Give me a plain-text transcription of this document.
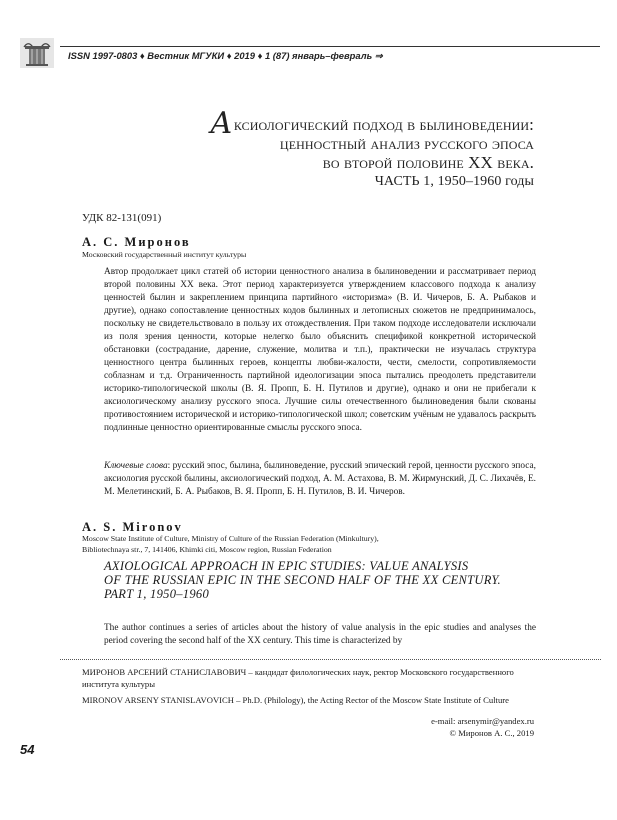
ISSN 1997-0803 ♦ Вестник МГУКИ ♦ 2019 ♦ 1 (87) январь–февраль ⇒
Аксиологический подход в былиноведении:
ценностный анализ русского эпоса
во второй половине XX века.
ЧАСТЬ 1, 1950–1960 годы
УДК 82-131(091)
А. С. Миронов
Московский государственный институт культуры
Автор продолжает цикл статей об истории ценностного анализа в былиноведении и рассматривает период второй половины XX века. Этот период характеризуется утверждением классового подхода к анализу ценностей былин и закреплением принципа партийного «историзма» (В. И. Чичеров, Б. А. Рыбаков и другие), однако сопоставление ценностных кодов былинных и летописных сюжетов не предпринималось, поскольку не свидетельствовало в пользу их отождествления. При таком подходе исследователи исключали из поля зрения ценности, которые нелегко было объяснить спецификой конкретной исторической обстановки (сострадание, дарение, служение, молитва и т.п.), практически не изучалась структура ценностного центра былинных героев, концепты любви-жалости, чести, смелости, сопротивляемости соблазнам и т.д. Ограниченность партийной идеологизации эпоса пытались преодолеть представители историко-типологической школы (В. Я. Пропп, Б. Н. Путилов и другие), однако и они не прибегали к аксиологическому анализу русского эпоса. Лучшие силы отечественного былиноведения были скованы противостоянием исторической и историко-типологической школ; советским учёным не удавалось раскрыть подлинные ценностно ориентированные смыслы русского эпоса.
Ключевые слова: русский эпос, былина, былиноведение, русский эпический герой, ценности русского эпоса, аксиология русской былины, аксиологический подход, А. М. Астахова, В. М. Жирмунский, Д. С. Лихачёв, Е. М. Мелетинский, Б. А. Рыбаков, В. Я. Пропп, Б. Н. Путилов, В. И. Чичеров.
A. S. Mironov
Moscow State Institute of Culture, Ministry of Culture of the Russian Federation (Minkultury),
Bibliotechnaya str., 7, 141406, Khimki citi, Moscow region, Russian Federation
AXIOLOGICAL APPROACH IN EPIC STUDIES: VALUE ANALYSIS
OF THE RUSSIAN EPIC IN THE SECOND HALF OF THE XX CENTURY.
PART 1, 1950–1960
The author continues a series of articles about the history of value analysis in the epic studies and analyses the period covering the second half of the XX century. This time is characterized by
МИРОНОВ АРСЕНИЙ СТАНИСЛАВОВИЧ – кандидат филологических наук, ректор Московского государственного института культуры
MIRONOV ARSENY STANISLAVOVICH – Ph.D. (Philology), the Acting Rector of the Moscow State Institute of Culture
e-mail: arsenymir@yandex.ru
© Миронов А. С., 2019
54
